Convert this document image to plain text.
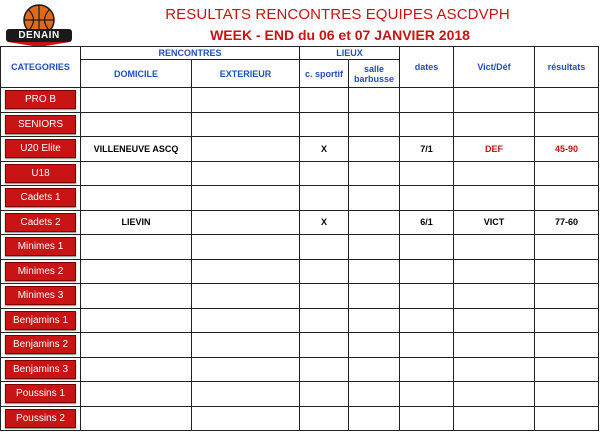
DENAIN
RESULTATS RENCONTRES EQUIPES ASCDVPH
WEEK - END du 06 et 07 JANVIER 2018
CATEGORIES	RENCONTRES		LIEUX		dates	Vict/Déf	résultats
	DOMICILE	EXTERIEUR	c. sportif	salle barbusse			

PRO B							

SENIORS							

U20 Elite	VILLENEUVE ASCQ		X		7/1	DEF	45-90

U18							

Cadets 1							

Cadets 2	LIEVIN		X		6/1	VICT	77-60

Minimes 1							

Minimes 2							

Minimes 3							

Benjamins 1							

Benjamins 2							

Benjamins 3							

Poussins 1							

Poussins 2							
